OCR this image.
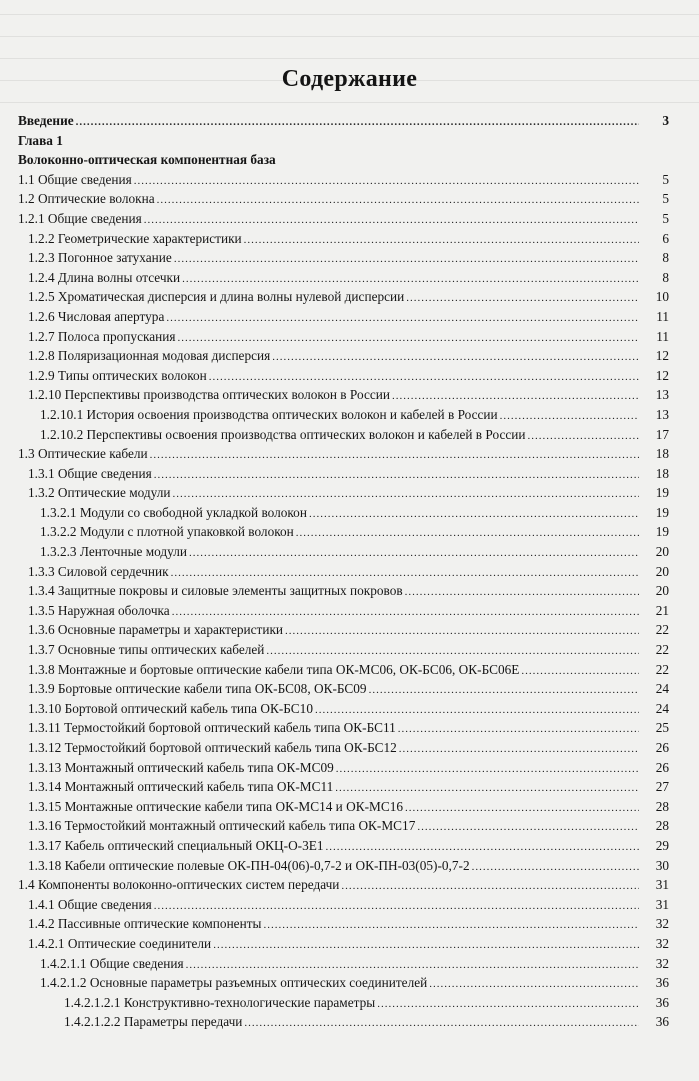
Содержание
Введение .....	3
Глава 1
Волоконно-оптическая компонентная база
1.1 Общие сведения .....	5
1.2 Оптические волокна .....	5
1.2.1 Общие сведения .....	5
1.2.2 Геометрические характеристики .....	6
1.2.3 Погонное затухание .....	8
1.2.4 Длина волны отсечки .....	8
1.2.5 Хроматическая дисперсия и длина волны нулевой дисперсии .....	10
1.2.6 Числовая апертура .....	11
1.2.7 Полоса пропускания .....	11
1.2.8 Поляризационная модовая дисперсия .....	12
1.2.9 Типы оптических волокон .....	12
1.2.10 Перспективы производства оптических волокон в России .....	13
1.2.10.1 История освоения производства оптических волокон и кабелей в России .....	13
1.2.10.2 Перспективы освоения производства оптических волокон и кабелей в России .....	17
1.3 Оптические кабели .....	18
1.3.1 Общие сведения .....	18
1.3.2 Оптические модули .....	19
1.3.2.1 Модули со свободной укладкой волокон .....	19
1.3.2.2 Модули с плотной упаковкой волокон .....	19
1.3.2.3 Ленточные модули .....	20
1.3.3 Силовой сердечник .....	20
1.3.4 Защитные покровы и силовые элементы защитных покровов .....	20
1.3.5 Наружная оболочка .....	21
1.3.6 Основные параметры и характеристики .....	22
1.3.7 Основные типы оптических кабелей .....	22
1.3.8 Монтажные и бортовые оптические кабели типа ОК-МС06, ОК-БС06, ОК-БС06Е .....	22
1.3.9 Бортовые оптические кабели типа ОК-БС08, ОК-БС09 .....	24
1.3.10 Бортовой оптический кабель типа ОК-БС10 .....	24
1.3.11 Термостойкий бортовой оптический кабель типа ОК-БС11 .....	25
1.3.12 Термостойкий бортовой оптический кабель типа ОК-БС12 .....	26
1.3.13 Монтажный оптический кабель типа ОК-МС09 .....	26
1.3.14 Монтажный оптический кабель типа ОК-МС11 .....	27
1.3.15 Монтажные оптические кабели типа ОК-МС14 и ОК-МС16 .....	28
1.3.16 Термостойкий монтажный оптический кабель типа ОК-МС17 .....	28
1.3.17 Кабель оптический специальный ОКЦ-О-3Е1 .....	29
1.3.18 Кабели оптические полевые ОК-ПН-04(06)-0,7-2 и ОК-ПН-03(05)-0,7-2 .....	30
1.4 Компоненты волоконно-оптических систем передачи .....	31
1.4.1 Общие сведения .....	31
1.4.2 Пассивные оптические компоненты .....	32
1.4.2.1 Оптические соединители .....	32
1.4.2.1.1 Общие сведения .....	32
1.4.2.1.2 Основные параметры разъемных оптических соединителей .....	36
1.4.2.1.2.1 Конструктивно-технологические параметры .....	36
1.4.2.1.2.2 Параметры передачи .....	36
